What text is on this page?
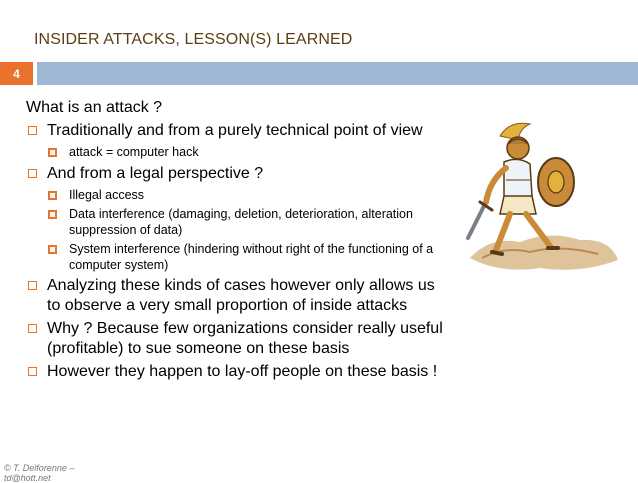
INSIDER ATTACKS, LESSON(S) LEARNED
4
What is an attack ?
Traditionally and from a purely technical point of view
attack = computer hack
And from a legal perspective ?
Illegal access
Data interference (damaging, deletion, deterioration, alteration suppression of data)
System interference (hindering without right of the functioning of a computer system)
Analyzing these kinds of cases however only allows us to observe a very small proportion of inside attacks
Why ? Because few organizations consider really useful (profitable) to sue someone on these basis
However they happen to lay-off people on these basis !
© T. Delforenne –
td@hott.net
